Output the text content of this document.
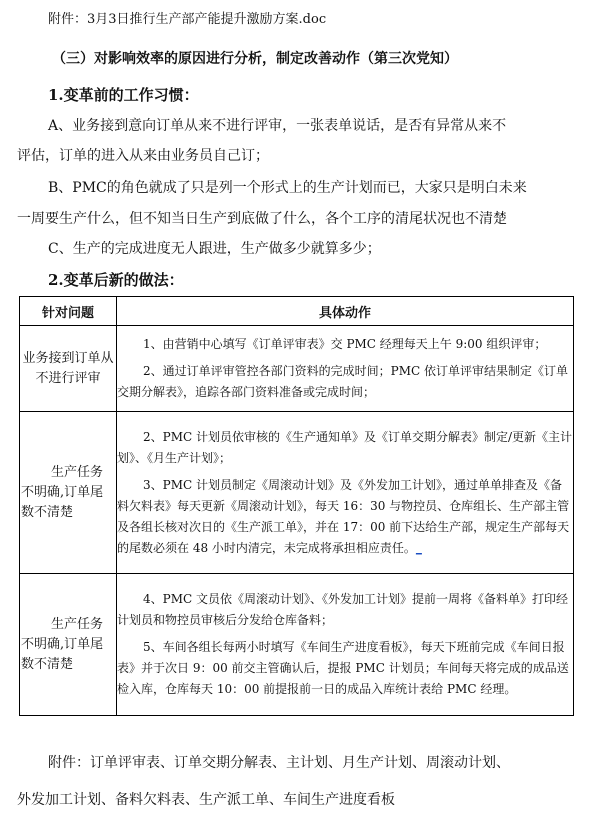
附件：3月3日推行生产部产能提升激励方案.doc
（三）对影响效率的原因进行分析，制定改善动作（第三次党知）
1.变革前的工作习惯：
A、业务接到意向订单从来不进行评审，一张表单说话，是否有异常从来不
评估，订单的进入从来由业务员自己订；
B、PMC的角色就成了只是列一个形式上的生产计划而已，大家只是明白未来
一周要生产什么，但不知当日生产到底做了什么，各个工序的清尾状况也不清楚
C、生产的完成进度无人跟进，生产做多少就算多少；
2.变革后新的做法：
针对问题	具体动作
业务接到订单从不进行评审	1、由营销中心填写《订单评审表》交 PMC 经理每天上午 9:00 组织评审；

2、通过订单评审管控各部门资料的完成时间；PMC 依订单评审结果制定《订单交期分解表》，追踪各部门资料准备或完成时间；

生产任务不明确,订单尾数不清楚	2、PMC 计划员依审核的《生产通知单》及《订单交期分解表》制定/更新《主计划》、《月生产计划》；

3、PMC 计划员制定《周滚动计划》及《外发加工计划》，通过单单排查及《备料欠料表》每天更新《周滚动计划》，每天 16：30 与物控员、仓库组长、生产部主管及各组长核对次日的《生产派工单》，并在 17：00 前下达给生产部，规定生产部每天的尾数必须在 48 小时内清完，未完成将承担相应责任。_

生产任务不明确,订单尾数不清楚	4、PMC 文员依《周滚动计划》、《外发加工计划》提前一周将《备料单》打印经计划员和物控员审核后分发给仓库备料；

5、车间各组长每两小时填写《车间生产进度看板》，每天下班前完成《车间日报表》并于次日 9：00 前交主管确认后，提报 PMC 计划员；车间每天将完成的成品送检入库，仓库每天 10：00 前提报前一日的成品入库统计表给 PMC 经理。

附件：订单评审表、订单交期分解表、主计划、月生产计划、周滚动计划、
外发加工计划、备料欠料表、生产派工单、车间生产进度看板
